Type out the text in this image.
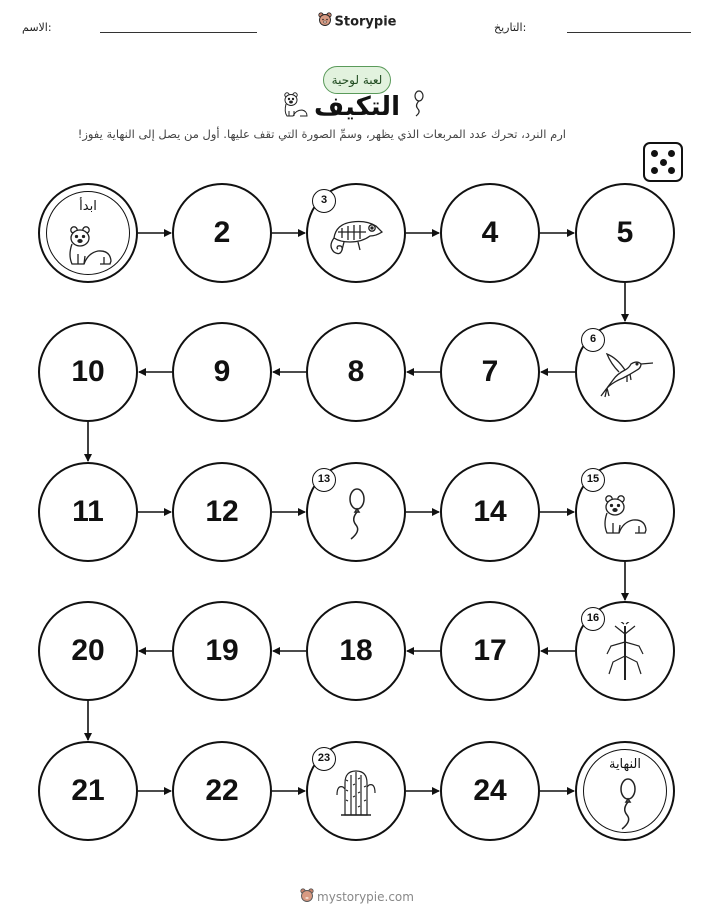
الاسم:	التاريخ:
Storypie
لعبة لوحية
التكيف
ارم النرد، تحرك عدد المربعات الذي يظهر، وسمِّ الصورة التي تقف عليها. أول من يصل إلى النهاية يفوز!
ابدأ
2
3
4	5
6
7
8
9
10
11	12
13
14
15
16
17
18
19
20
21	22
23
24
النهاية
mystorypie.com
